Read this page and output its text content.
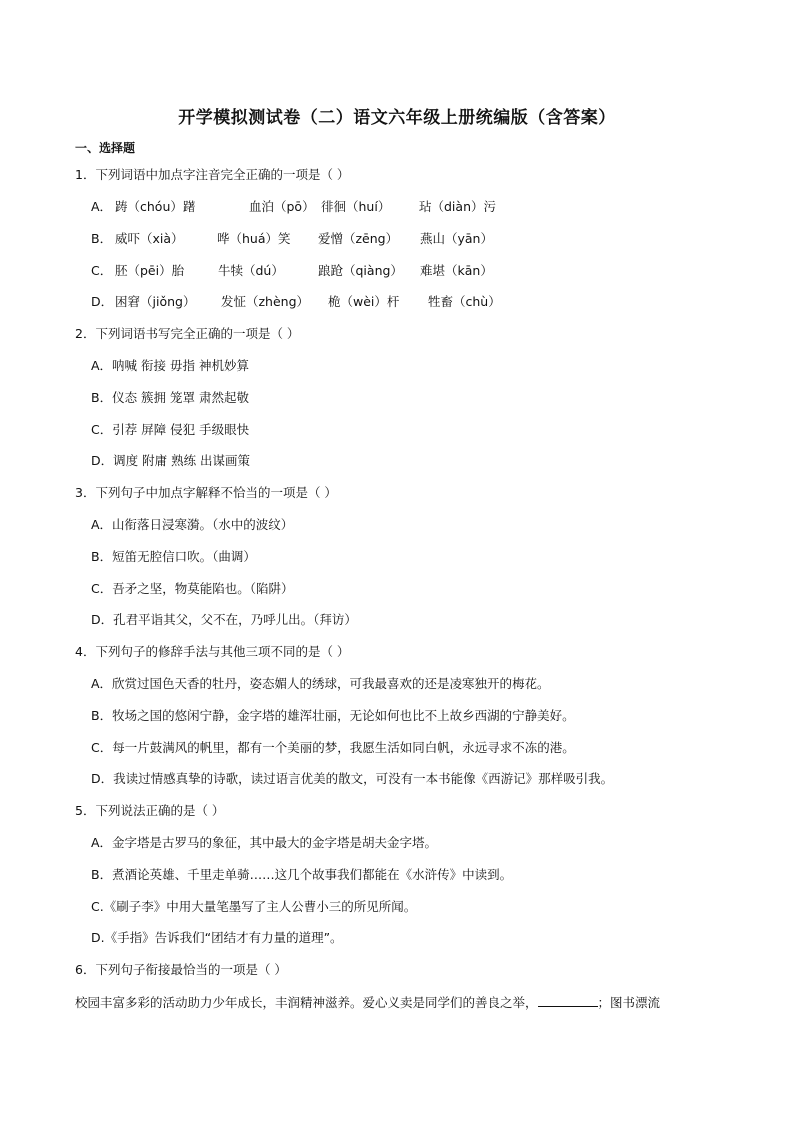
开学模拟测试卷（二）语文六年级上册统编版（含答案）
一、选择题
1．下列词语中加点字注音完全正确的一项是（ ）
A． 踌（chóu）躇	血泊（pō） 徘徊（huí） 玷（diàn）污
B． 威吓（xià）	哗（huá）笑 爱憎（zēng） 燕山（yān）
C． 胚（pēi）胎	牛犊（dú）	踉跄（qiàng） 难堪（kān）
D． 困窘（jiǒng） 发怔（zhèng） 桅（wèi）杆 牲畜（chù）
2．下列词语书写完全正确的一项是（ ）
A．呐喊 衔接 毋指 神机妙算
B．仪态 簇拥 笼罩 肃然起敬
C．引荐 屏障 侵犯 手级眼快
D．调度 附庸 熟练 出谋画策
3．下列句子中加点字解释不恰当的一项是（ ）
A．山衔落日浸寒漪。（水中的波纹）
B．短笛无腔信口吹。（曲调）
C．吾矛之坚，物莫能陷也。（陷阱）
D．孔君平诣其父，父不在，乃呼儿出。（拜访）
4．下列句子的修辞手法与其他三项不同的是（ ）
A．欣赏过国色天香的牡丹，姿态媚人的绣球，可我最喜欢的还是凌寒独开的梅花。
B．牧场之国的悠闲宁静，金字塔的雄浑壮丽，无论如何也比不上故乡西湖的宁静美好。
C．每一片鼓满风的帆里，都有一个美丽的梦，我愿生活如同白帆，永远寻求不冻的港。
D．我读过情感真挚的诗歌，读过语言优美的散文，可没有一本书能像《西游记》那样吸引我。
5．下列说法正确的是（ ）
A．金字塔是古罗马的象征，其中最大的金字塔是胡夫金字塔。
B．煮酒论英雄、千里走单骑……这几个故事我们都能在《水浒传》中读到。
C.《刷子李》中用大量笔墨写了主人公曹小三的所见所闻。
D.《手指》告诉我们“团结才有力量的道理”。
6．下列句子衔接最恰当的一项是（ ）
校园丰富多彩的活动助力少年成长，丰润精神滋养。爱心义卖是同学们的善良之举，	；图书漂流
